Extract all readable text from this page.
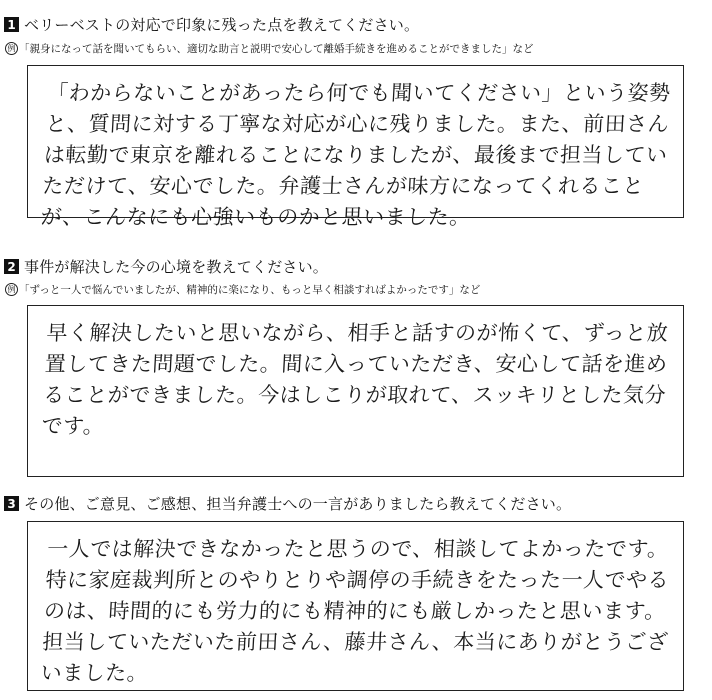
1 ベリーベストの対応で印象に残った点を教えてください。
例 「親身になって話を聞いてもらい、適切な助言と説明で安心して離婚手続きを進めることができました」など
「わからないことがあったら何でも聞いてください」という姿勢と、質問に対する丁寧な対応が心に残りました。また、前田さんは転勤で東京を離れることになりましたが、最後まで担当していただけて、安心でした。弁護士さんが味方になってくれることが、こんなにも心強いものかと思いました。
2 事件が解決した今の心境を教えてください。
例 「ずっと一人で悩んでいましたが、精神的に楽になり、もっと早く相談すればよかったです」など
早く解決したいと思いながら、相手と話すのが怖くて、ずっと放置してきた問題でした。間に入っていただき、安心して話を進めることができました。今はしこりが取れて、スッキリとした気分です。
3 その他、ご意見、ご感想、担当弁護士への一言がありましたら教えてください。
一人では解決できなかったと思うので、相談してよかったです。特に家庭裁判所とのやりとりや調停の手続きをたった一人でやるのは、時間的にも労力的にも精神的にも厳しかったと思います。担当していただいた前田さん、藤井さん、本当にありがとうございました。
